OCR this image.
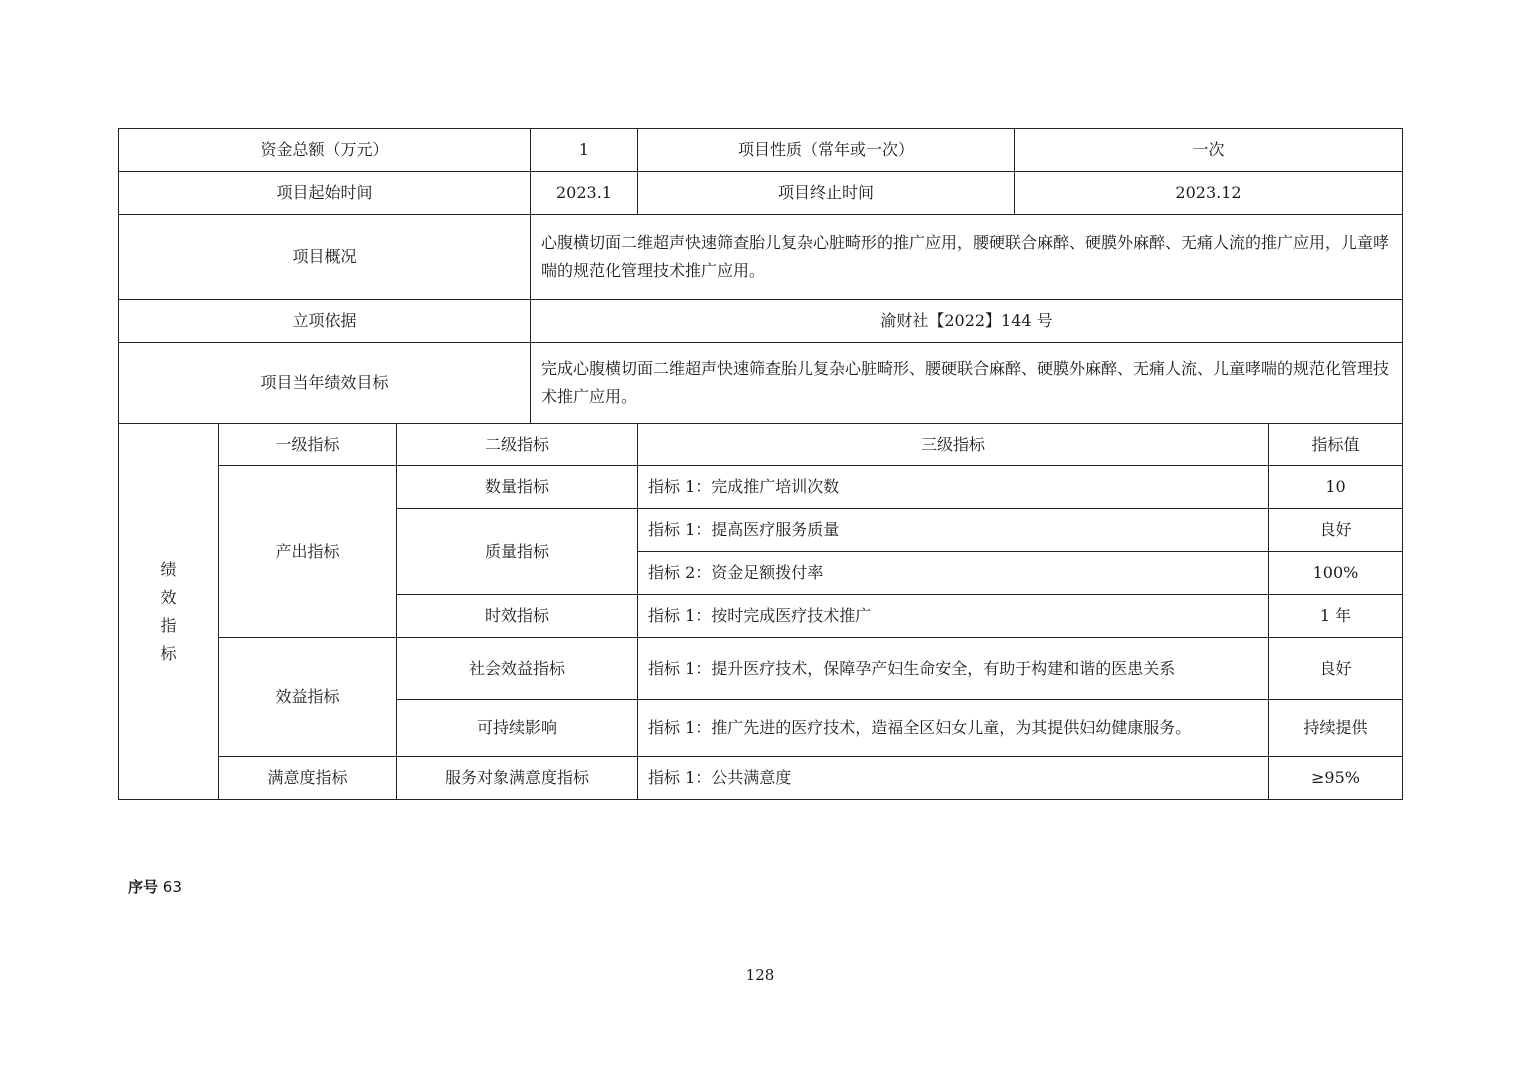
资金总额（万元）			1	项目性质（常年或一次）	一次	
项目起始时间			2023.1	项目终止时间	2023.12	
项目概况			心腹横切面二维超声快速筛查胎儿复杂心脏畸形的推广应用，腰硬联合麻醉、硬膜外麻醉、无痛人流的推广应用，儿童哮喘的规范化管理技术推广应用。			
立项依据			渝财社【2022】144 号			
项目当年绩效目标			完成心腹横切面二维超声快速筛查胎儿复杂心脏畸形、腰硬联合麻醉、硬膜外麻醉、无痛人流、儿童哮喘的规范化管理技术推广应用。			

绩
效
指
标	一级指标	二级指标		三级指标		指标值
	产出指标	数量指标		指标 1：完成推广培训次数		10
		质量指标		指标 1：提高医疗服务质量		良好
				指标 2：资金足额拨付率		100%
		时效指标		指标 1：按时完成医疗技术推广		1 年
	效益指标	社会效益指标		指标 1：提升医疗技术，保障孕产妇生命安全，有助于构建和谐的医患关系		良好
		可持续影响		指标 1：推广先进的医疗技术，造福全区妇女儿童，为其提供妇幼健康服务。		持续提供
	满意度指标	服务对象满意度指标		指标 1：公共满意度		≥95%
序号 63
128
